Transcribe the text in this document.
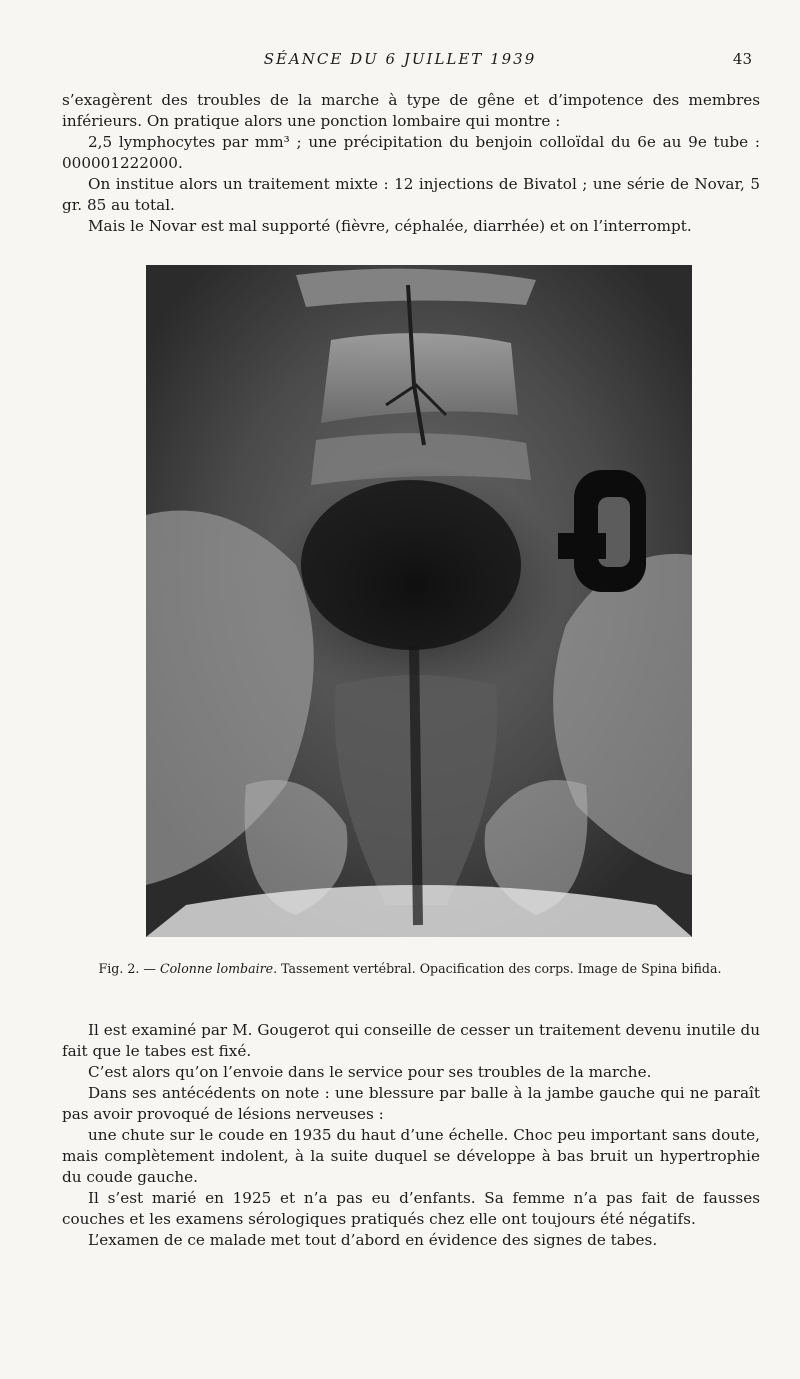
SÉANCE DU 6 JUILLET 1939	43

s’exagèrent des troubles de la marche à type de gêne et d’impotence des membres inférieurs. On pratique alors une ponction lombaire qui montre :

2,5 lymphocytes par mm³ ; une précipitation du benjoin colloïdal du 6e au 9e tube : 000001222000.

On institue alors un traitement mixte : 12 injections de Bivatol ; une série de Novar, 5 gr. 85 au total.

Mais le Novar est mal supporté (fièvre, céphalée, diarrhée) et on l’interrompt.

Fig. 2. — Colonne lombaire. Tassement vertébral. Opacification des corps. Image de Spina bifida.

Il est examiné par M. Gougerot qui conseille de cesser un traitement devenu inutile du fait que le tabes est fixé.

C’est alors qu’on l’envoie dans le service pour ses troubles de la marche.

Dans ses antécédents on note : une blessure par balle à la jambe gauche qui ne paraît pas avoir provoqué de lésions nerveuses :

une chute sur le coude en 1935 du haut d’une échelle. Choc peu important sans doute, mais complètement indolent, à la suite duquel se développe à bas bruit un hypertrophie du coude gauche.

Il s’est marié en 1925 et n’a pas eu d’enfants. Sa femme n’a pas fait de fausses couches et les examens sérologiques pratiqués chez elle ont toujours été négatifs.

L’examen de ce malade met tout d’abord en évidence des signes de tabes.
